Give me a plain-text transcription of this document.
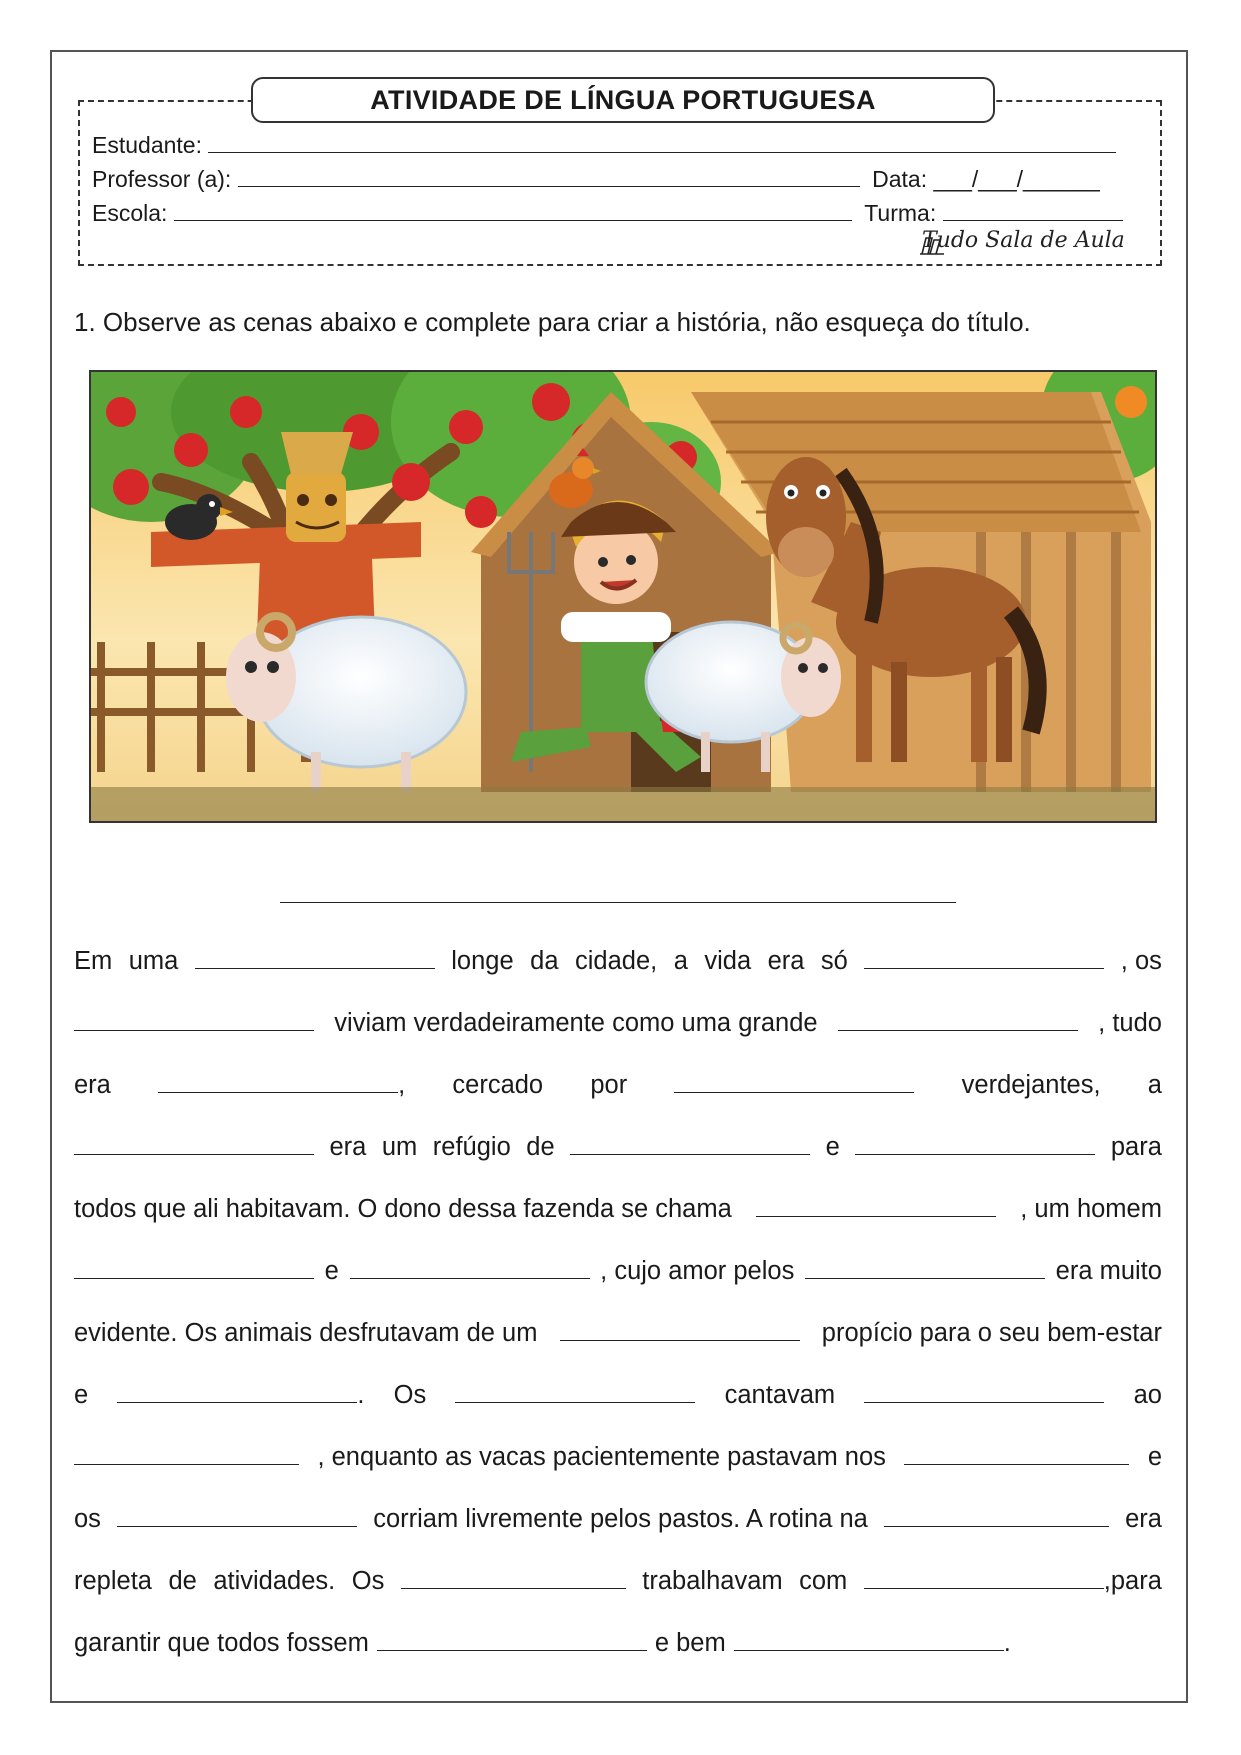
ATIVIDADE DE LÍNGUA PORTUGUESA
Estudante:
Professor (a):	Data: ___/___/______
Escola:	Turma:
Tudo Sala de Aula
1. Observe as cenas abaixo e complete para criar a história, não esqueça do título.
Em uma	longe da cidade, a vida era só	, os
viviam verdadeiramente como uma grande	, tudo
era	, cercado por	verdejantes, a
era um refúgio de	e	para
todos que ali habitavam. O dono dessa fazenda se chama	, um homem
e	, cujo amor pelos	era muito
evidente. Os animais desfrutavam de um	propício para o seu bem-estar
e	. Os	cantavam	ao
, enquanto as vacas pacientemente pastavam nos	e
os	corriam livremente pelos pastos. A rotina na	era
repleta de atividades. Os	trabalhavam com	,para
garantir que todos fossem	e bem	.
